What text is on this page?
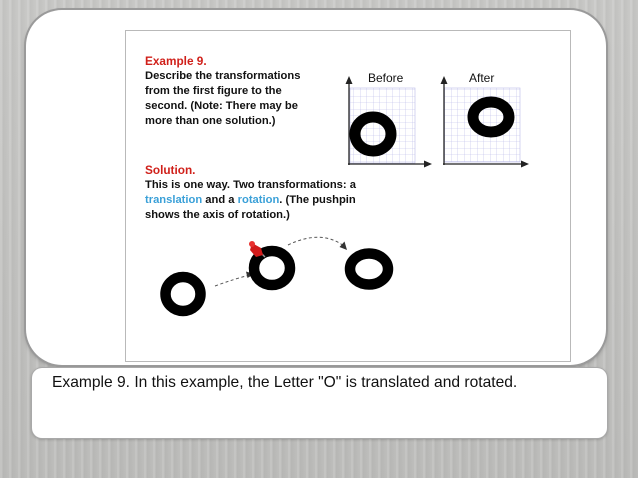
Example 9.

Describe the transformations

from the first figure to the

second. (Note: There may be

more than one solution.)

Solution.

This is one way. Two transformations: a

translation and a rotation. (The pushpin

shows the axis of rotation.)

Before	After
Example 9. In this example, the Letter "O" is translated and rotated.
